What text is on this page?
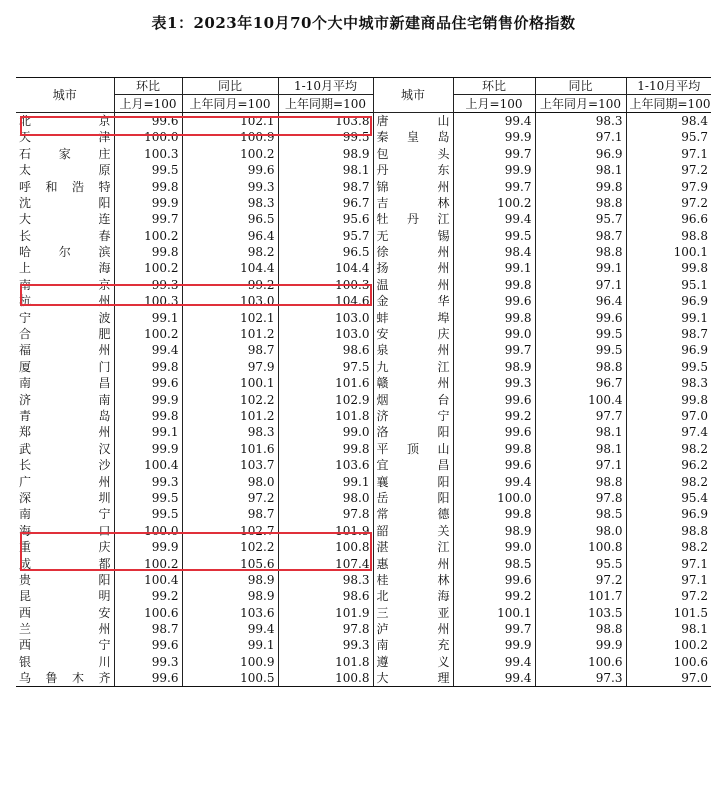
表1：2023年10月70个大中城市新建商品住宅销售价格指数
城市	环比	同比	1-10月平均	城市	环比	同比	1-10月平均
	上月=100	上年同月=100	上年同期=100		上月=100	上年同月=100	上年同期=100
北　京	99.6	102.1	103.8	唐　山	99.4	98.3	98.4
天　津	100.0	100.9	99.5	秦皇岛	99.9	97.1	95.7
石家庄	100.3	100.2	98.9	包　头	99.7	96.9	97.1
太　原	99.5	99.6	98.1	丹　东	99.9	98.1	97.2
呼和浩特	99.8	99.3	98.7	锦　州	99.7	99.8	97.9
沈　阳	99.9	98.3	96.7	吉　林	100.2	98.8	97.2
大　连	99.7	96.5	95.6	牡丹江	99.4	95.7	96.6
长　春	100.2	96.4	95.7	无　锡	99.5	98.7	98.8
哈尔滨	99.8	98.2	96.5	徐　州	98.4	98.8	100.1
上　海	100.2	104.4	104.4	扬　州	99.1	99.1	99.8
南　京	99.3	99.2	100.3	温　州	99.8	97.1	95.1
杭　州	100.3	103.0	104.6	金　华	99.6	96.4	96.9
宁　波	99.1	102.1	103.0	蚌　埠	99.8	99.6	99.1
合　肥	100.2	101.2	103.0	安　庆	99.0	99.5	98.7
福　州	99.4	98.7	98.6	泉　州	99.7	99.5	96.9
厦　门	99.8	97.9	97.5	九　江	98.9	98.8	99.5
南　昌	99.6	100.1	101.6	赣　州	99.3	96.7	98.3
济　南	99.9	102.2	102.9	烟　台	99.6	100.4	99.8
青　岛	99.8	101.2	101.8	济　宁	99.2	97.7	97.0
郑　州	99.1	98.3	99.0	洛　阳	99.6	98.1	97.4
武　汉	99.9	101.6	99.8	平顶山	99.8	98.1	98.2
长　沙	100.4	103.7	103.6	宜　昌	99.6	97.1	96.2
广　州	99.3	98.0	99.1	襄　阳	99.4	98.8	98.2
深　圳	99.5	97.2	98.0	岳　阳	100.0	97.8	95.4
南　宁	99.5	98.7	97.8	常　德	99.8	98.5	96.9
海　口	100.0	102.7	101.9	韶　关	98.9	98.0	98.8
重　庆	99.9	102.2	100.8	湛　江	99.0	100.8	98.2
成　都	100.2	105.6	107.4	惠　州	98.5	95.5	97.1
贵　阳	100.4	98.9	98.3	桂　林	99.6	97.2	97.1
昆　明	99.2	98.9	98.6	北　海	99.2	101.7	97.2
西　安	100.6	103.6	101.9	三　亚	100.1	103.5	101.5
兰　州	98.7	99.4	97.8	泸　州	99.7	98.8	98.1
西　宁	99.6	99.1	99.3	南　充	99.9	99.9	100.2
银　川	99.3	100.9	101.8	遵　义	99.4	100.6	100.6
乌鲁木齐	99.6	100.5	100.8	大　理	99.4	97.3	97.0
